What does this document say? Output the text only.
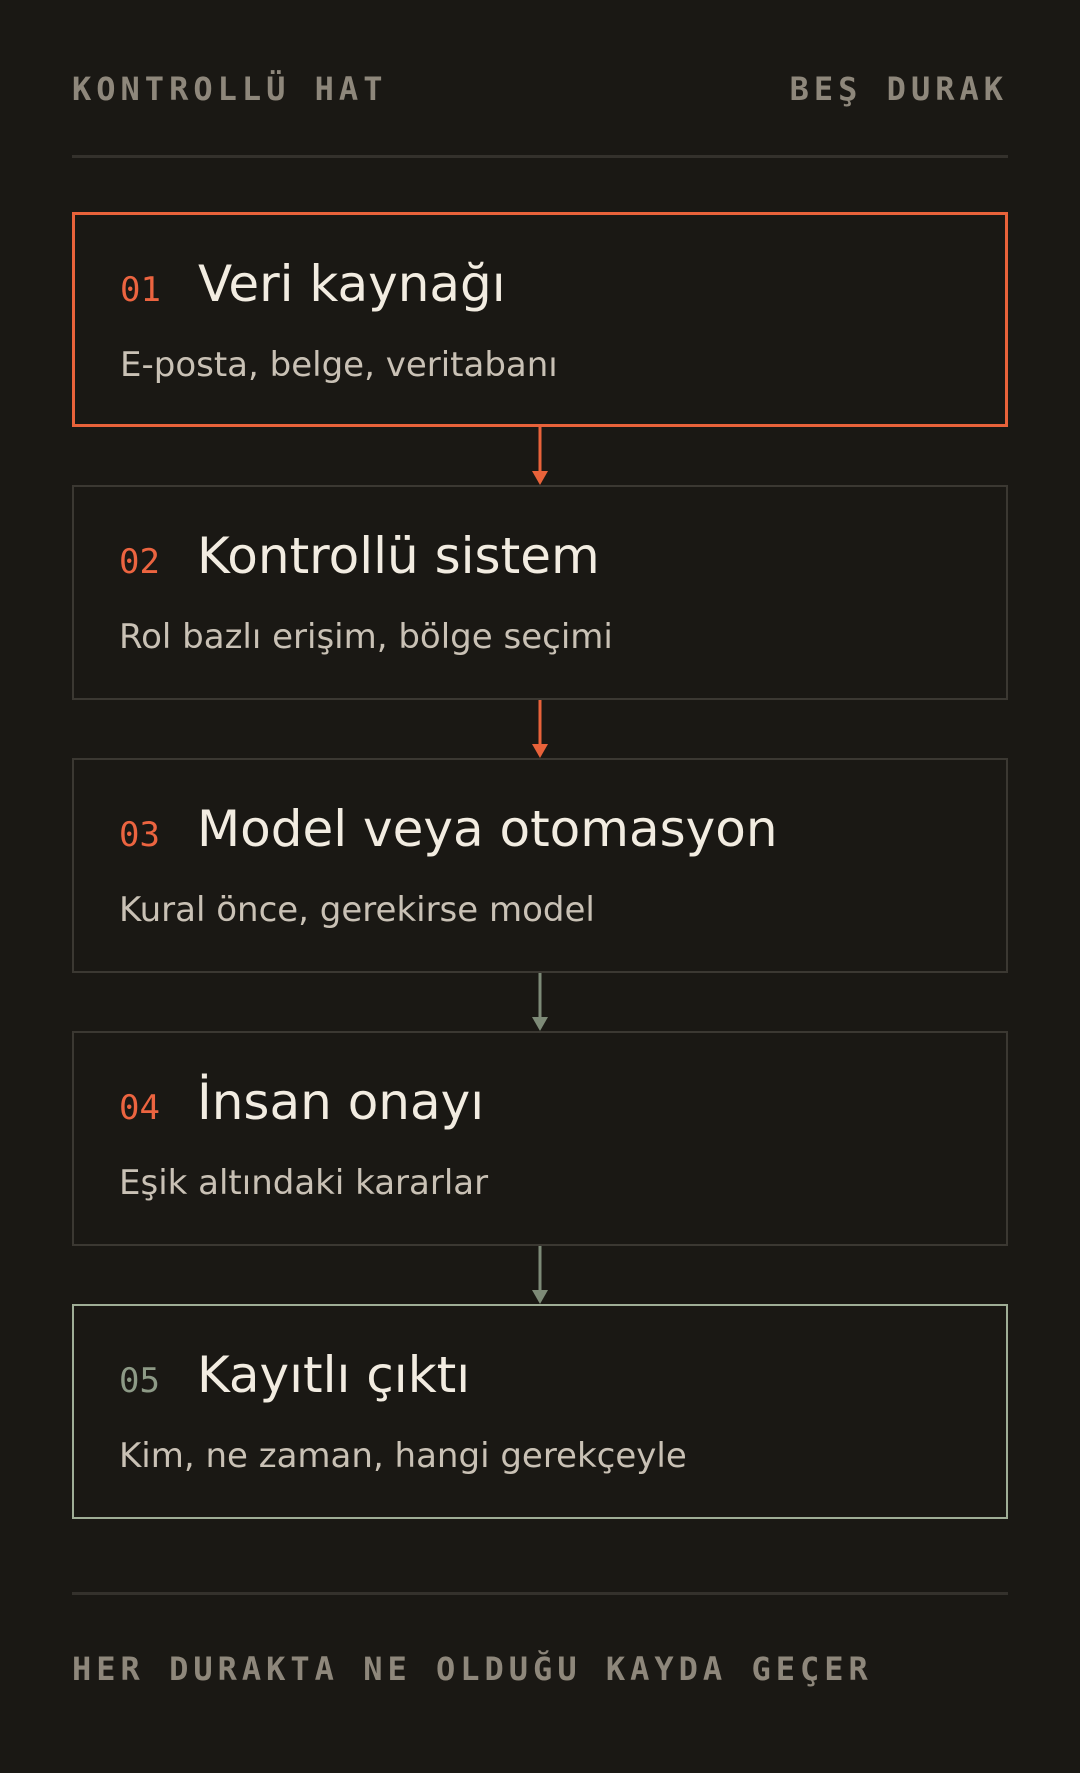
KONTROLLÜ HAT	BEŞ DURAK
01 Veri kaynağı
E-posta, belge, veritabanı
02 Kontrollü sistem
Rol bazlı erişim, bölge seçimi
03 Model veya otomasyon
Kural önce, gerekirse model
04 İnsan onayı
Eşik altındaki kararlar
05 Kayıtlı çıktı
Kim, ne zaman, hangi gerekçeyle
HER DURAKTA NE OLDUĞU KAYDA GEÇER
